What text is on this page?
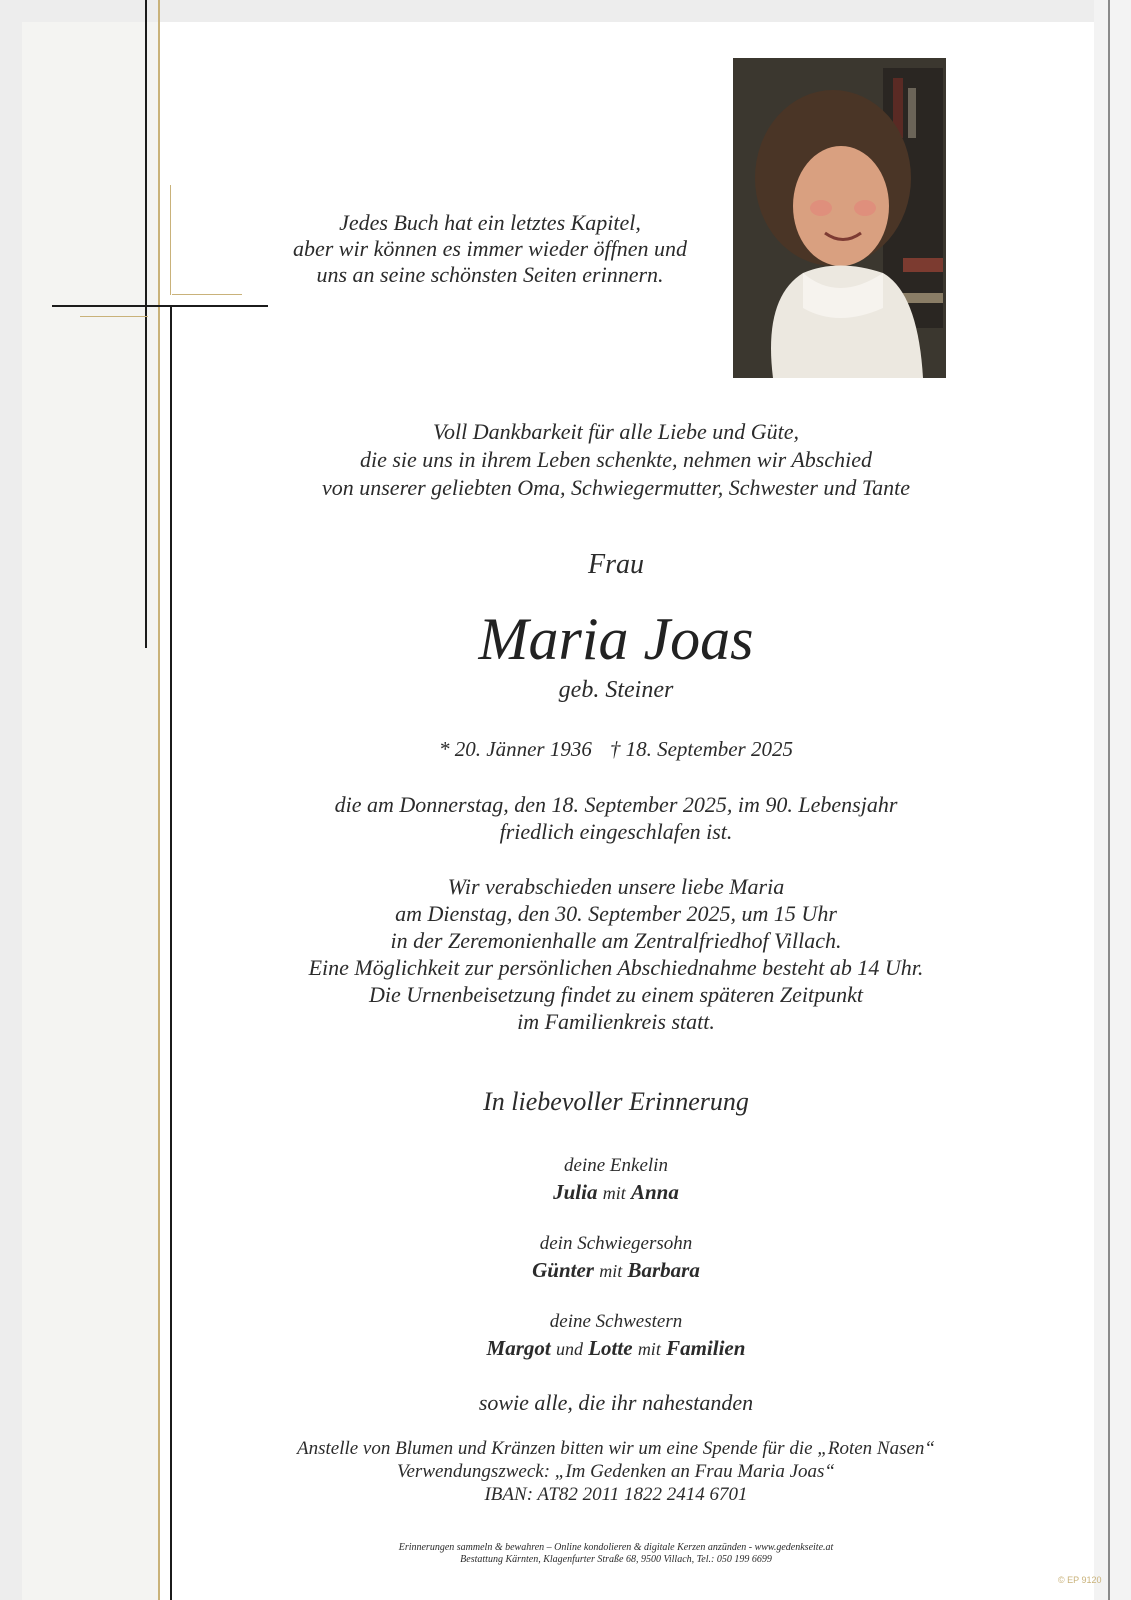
Jedes Buch hat ein letztes Kapitel,
aber wir können es immer wieder öffnen und
uns an seine schönsten Seiten erinnern.
Voll Dankbarkeit für alle Liebe und Güte,
die sie uns in ihrem Leben schenkte, nehmen wir Abschied
von unserer geliebten Oma, Schwiegermutter, Schwester und Tante
Frau
Maria Joas
geb. Steiner
* 20. Jänner 1936 † 18. September 2025
die am Donnerstag, den 18. September 2025, im 90. Lebensjahr
friedlich eingeschlafen ist.
Wir verabschieden unsere liebe Maria
am Dienstag, den 30. September 2025, um 15 Uhr
in der Zeremonienhalle am Zentralfriedhof Villach.
Eine Möglichkeit zur persönlichen Abschiednahme besteht ab 14 Uhr.
Die Urnenbeisetzung findet zu einem späteren Zeitpunkt
im Familienkreis statt.
In liebevoller Erinnerung
deine Enkelin
Julia mit Anna
dein Schwiegersohn
Günter mit Barbara
deine Schwestern
Margot und Lotte mit Familien
sowie alle, die ihr nahestanden
Anstelle von Blumen und Kränzen bitten wir um eine Spende für die „Roten Nasen“
Verwendungszweck: „Im Gedenken an Frau Maria Joas“
IBAN: AT82 2011 1822 2414 6701
Erinnerungen sammeln & bewahren – Online kondolieren & digitale Kerzen anzünden - www.gedenkseite.at
Bestattung Kärnten, Klagenfurter Straße 68, 9500 Villach, Tel.: 050 199 6699
© EP 9120
